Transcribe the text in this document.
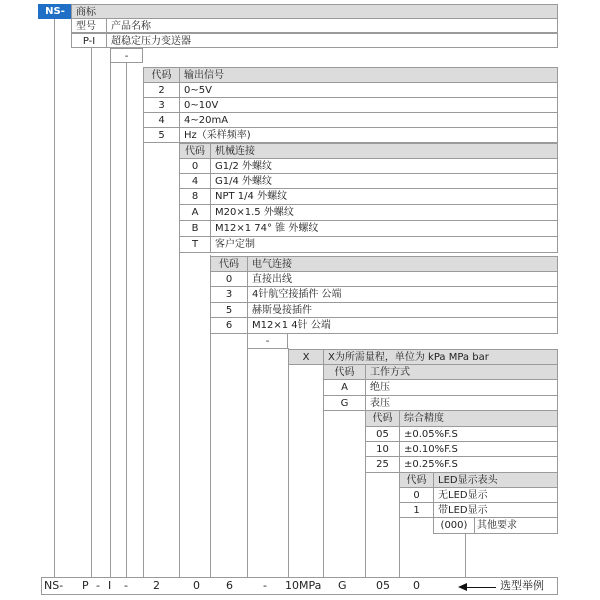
NS-	商标
型号	产品名称
P-I	超稳定压力变送器
-
代码	输出信号
2	0~5V
3	0~10V
4	4~20mA
5	Hz（采样频率)
代码	机械连接
0	G1/2 外螺纹
4	G1/4 外螺纹
8	NPT 1/4 外螺纹
A	M20×1.5 外螺纹
B	M12×1 74° 锥 外螺纹
T	客户定制
代码	电气连接
0	直接出线
3	4针航空接插件 公端
5	赫斯曼接插件
6	M12×1 4针 公端
-
X	X为所需量程，单位为 kPa MPa bar
代码	工作方式
A	绝压
G	表压
代码	综合精度
05	±0.05%F.S
10	±0.10%F.S
25	±0.25%F.S
代码	LED显示表头
0	无LED显示
1	带LED显示
(000) 其他要求
NS- P - I - 2	0 6	- 10MPa G	05 0	选型举例
